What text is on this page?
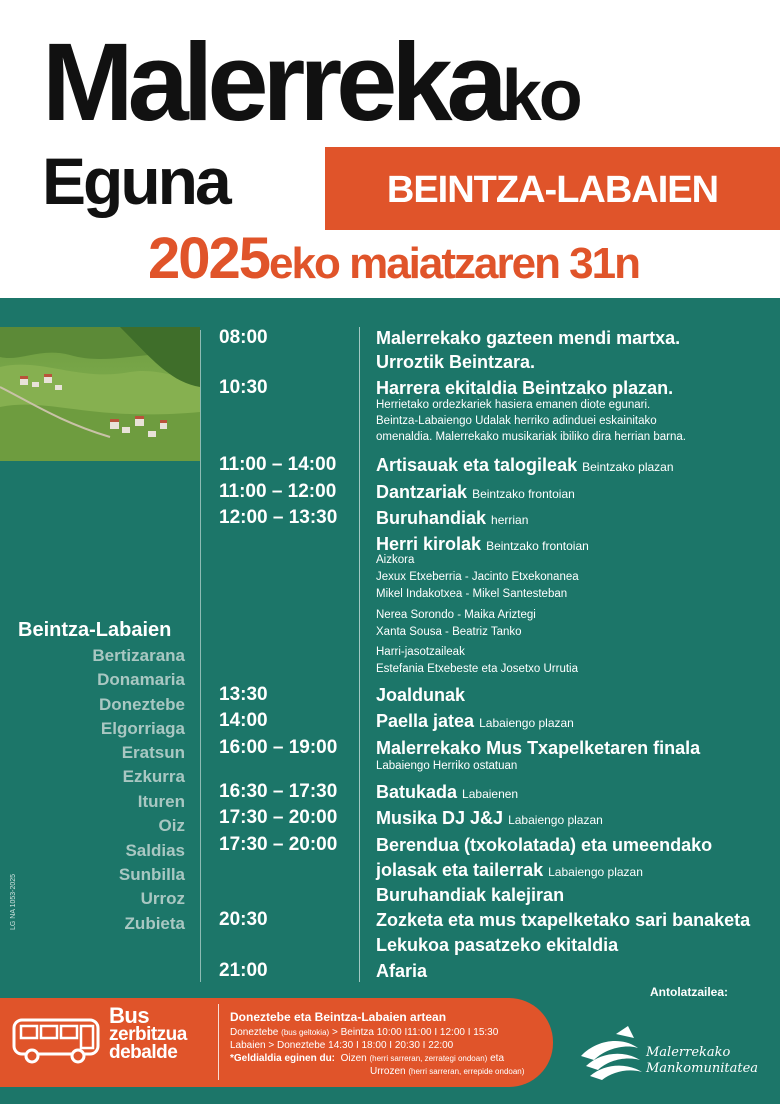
Malerrekako
Eguna	BEINTZA-LABAIEN
2025eko maiatzaren 31n
08:00
10:30
11:00 – 14:00
11:00 – 12:00
12:00 – 13:30
13:30
14:00
16:00 – 19:00
16:30 – 17:30
17:30 – 20:00
17:30 – 20:00
20:30
21:00
Malerrekako gazteen mendi martxa.
Urroztik Beintzara.
Harrera ekitaldia Beintzako plazan.
Herrietako ordezkariek hasiera emanen diote egunari.
Beintza-Labaiengo Udalak herriko adinduei eskainitako
omenaldia. Malerrekako musikariak ibiliko dira herrian barna.
Artisauak eta talogileak Beintzako plazan
Dantzariak Beintzako frontoian
Buruhandiak herrian
Herri kirolak Beintzako frontoian
Aizkora
Jexux Etxeberria - Jacinto Etxekonanea
Mikel Indakotxea - Mikel Santesteban
Nerea Sorondo - Maika Ariztegi
Xanta Sousa - Beatriz Tanko
Harri-jasotzaileak
Estefania Etxebeste eta Josetxo Urrutia
Joaldunak
Paella jatea Labaiengo plazan
Malerrekako Mus Txapelketaren finala
Labaiengo Herriko ostatuan
Batukada Labaienen
Musika DJ J&J Labaiengo plazan
Berendua (txokolatada) eta umeendako
jolasak eta tailerrak Labaiengo plazan
Buruhandiak kalejiran
Zozketa eta mus txapelketako sari banaketa
Lekukoa pasatzeko ekitaldia
Afaria
Beintza-Labaien
Bertizarana
Donamaria
Doneztebe
Elgorriaga
Eratsun
Ezkurra
Ituren
Oiz
Saldias
Sunbilla
Urroz
Zubieta
LG NA 1053-2025
Antolatzailea:
Bus
zerbitzua
debalde
Doneztebe eta Beintza-Labaien artean
Doneztebe (bus geltokia) > Beintza 10:00 I11:00 I 12:00 I 15:30
Labaien > Doneztebe 14:30 I 18:00 I 20:30 I 22:00
*Geldialdia eginen du: Oizen (herri sarreran, zerrategi ondoan) eta
Urrozen (herri sarreran, errepide ondoan)
Malerrekako
Mankomunitatea
